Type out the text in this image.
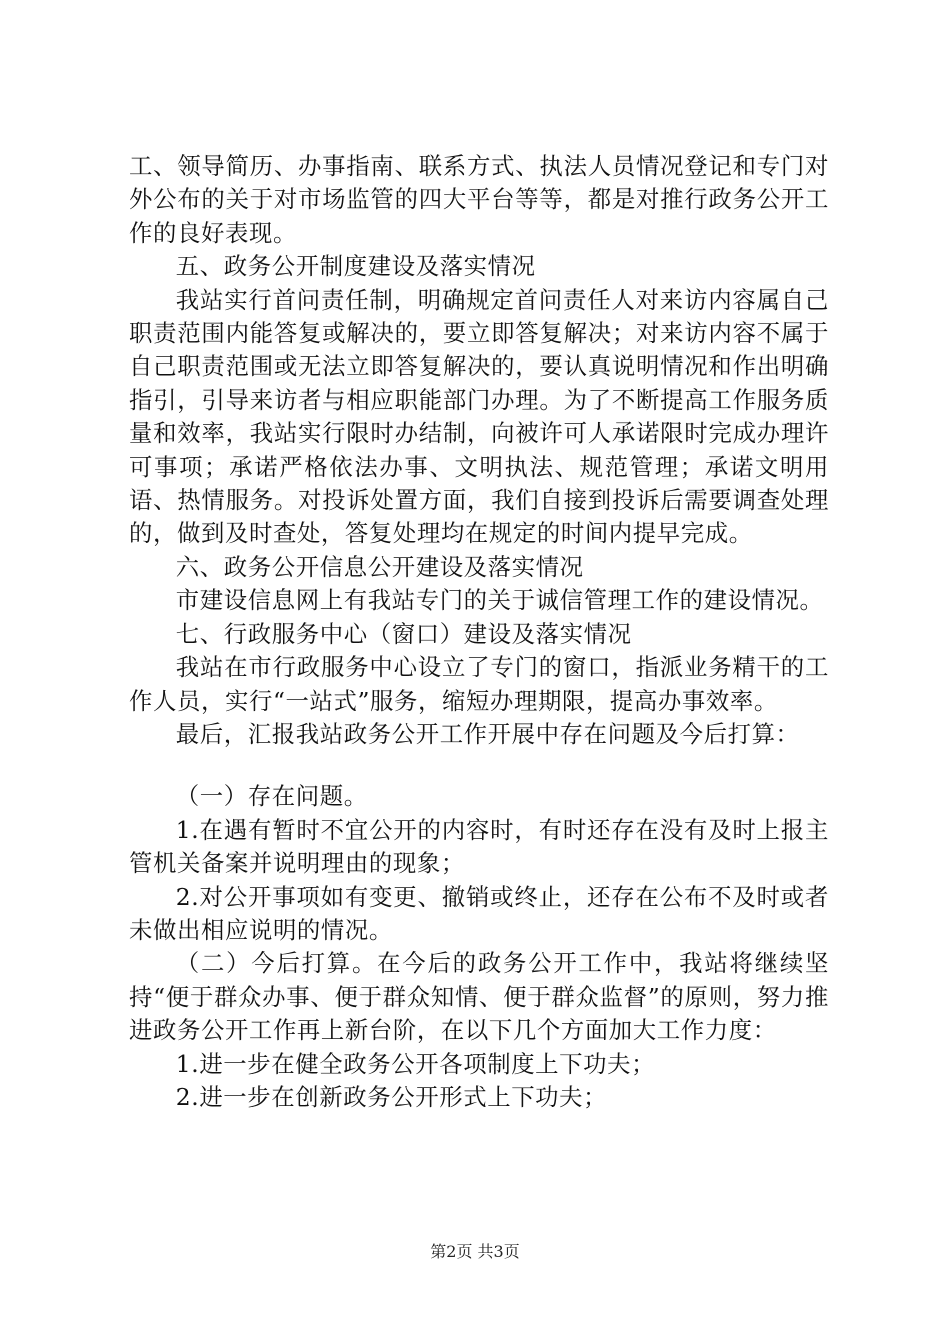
工、领导简历、办事指南、联系方式、执法人员情况登记和专门对外公布的关于对市场监管的四大平台等等，都是对推行政务公开工作的良好表现。

五、政务公开制度建设及落实情况

我站实行首问责任制，明确规定首问责任人对来访内容属自己职责范围内能答复或解决的，要立即答复解决；对来访内容不属于自己职责范围或无法立即答复解决的，要认真说明情况和作出明确指引，引导来访者与相应职能部门办理。为了不断提高工作服务质量和效率，我站实行限时办结制，向被许可人承诺限时完成办理许可事项；承诺严格依法办事、文明执法、规范管理；承诺文明用语、热情服务。对投诉处置方面，我们自接到投诉后需要调查处理的，做到及时查处，答复处理均在规定的时间内提早完成。

六、政务公开信息公开建设及落实情况

市建设信息网上有我站专门的关于诚信管理工作的建设情况。

七、行政服务中心（窗口）建设及落实情况

我站在市行政服务中心设立了专门的窗口，指派业务精干的工作人员，实行“一站式”服务，缩短办理期限，提高办事效率。

最后，汇报我站政务公开工作开展中存在问题及今后打算：

（一）存在问题。

1.在遇有暂时不宜公开的内容时，有时还存在没有及时上报主管机关备案并说明理由的现象；

2.对公开事项如有变更、撤销或终止，还存在公布不及时或者未做出相应说明的情况。

（二）今后打算。在今后的政务公开工作中，我站将继续坚持“便于群众办事、便于群众知情、便于群众监督”的原则，努力推进政务公开工作再上新台阶，在以下几个方面加大工作力度：

1.进一步在健全政务公开各项制度上下功夫；

2.进一步在创新政务公开形式上下功夫；

第2页 共3页
